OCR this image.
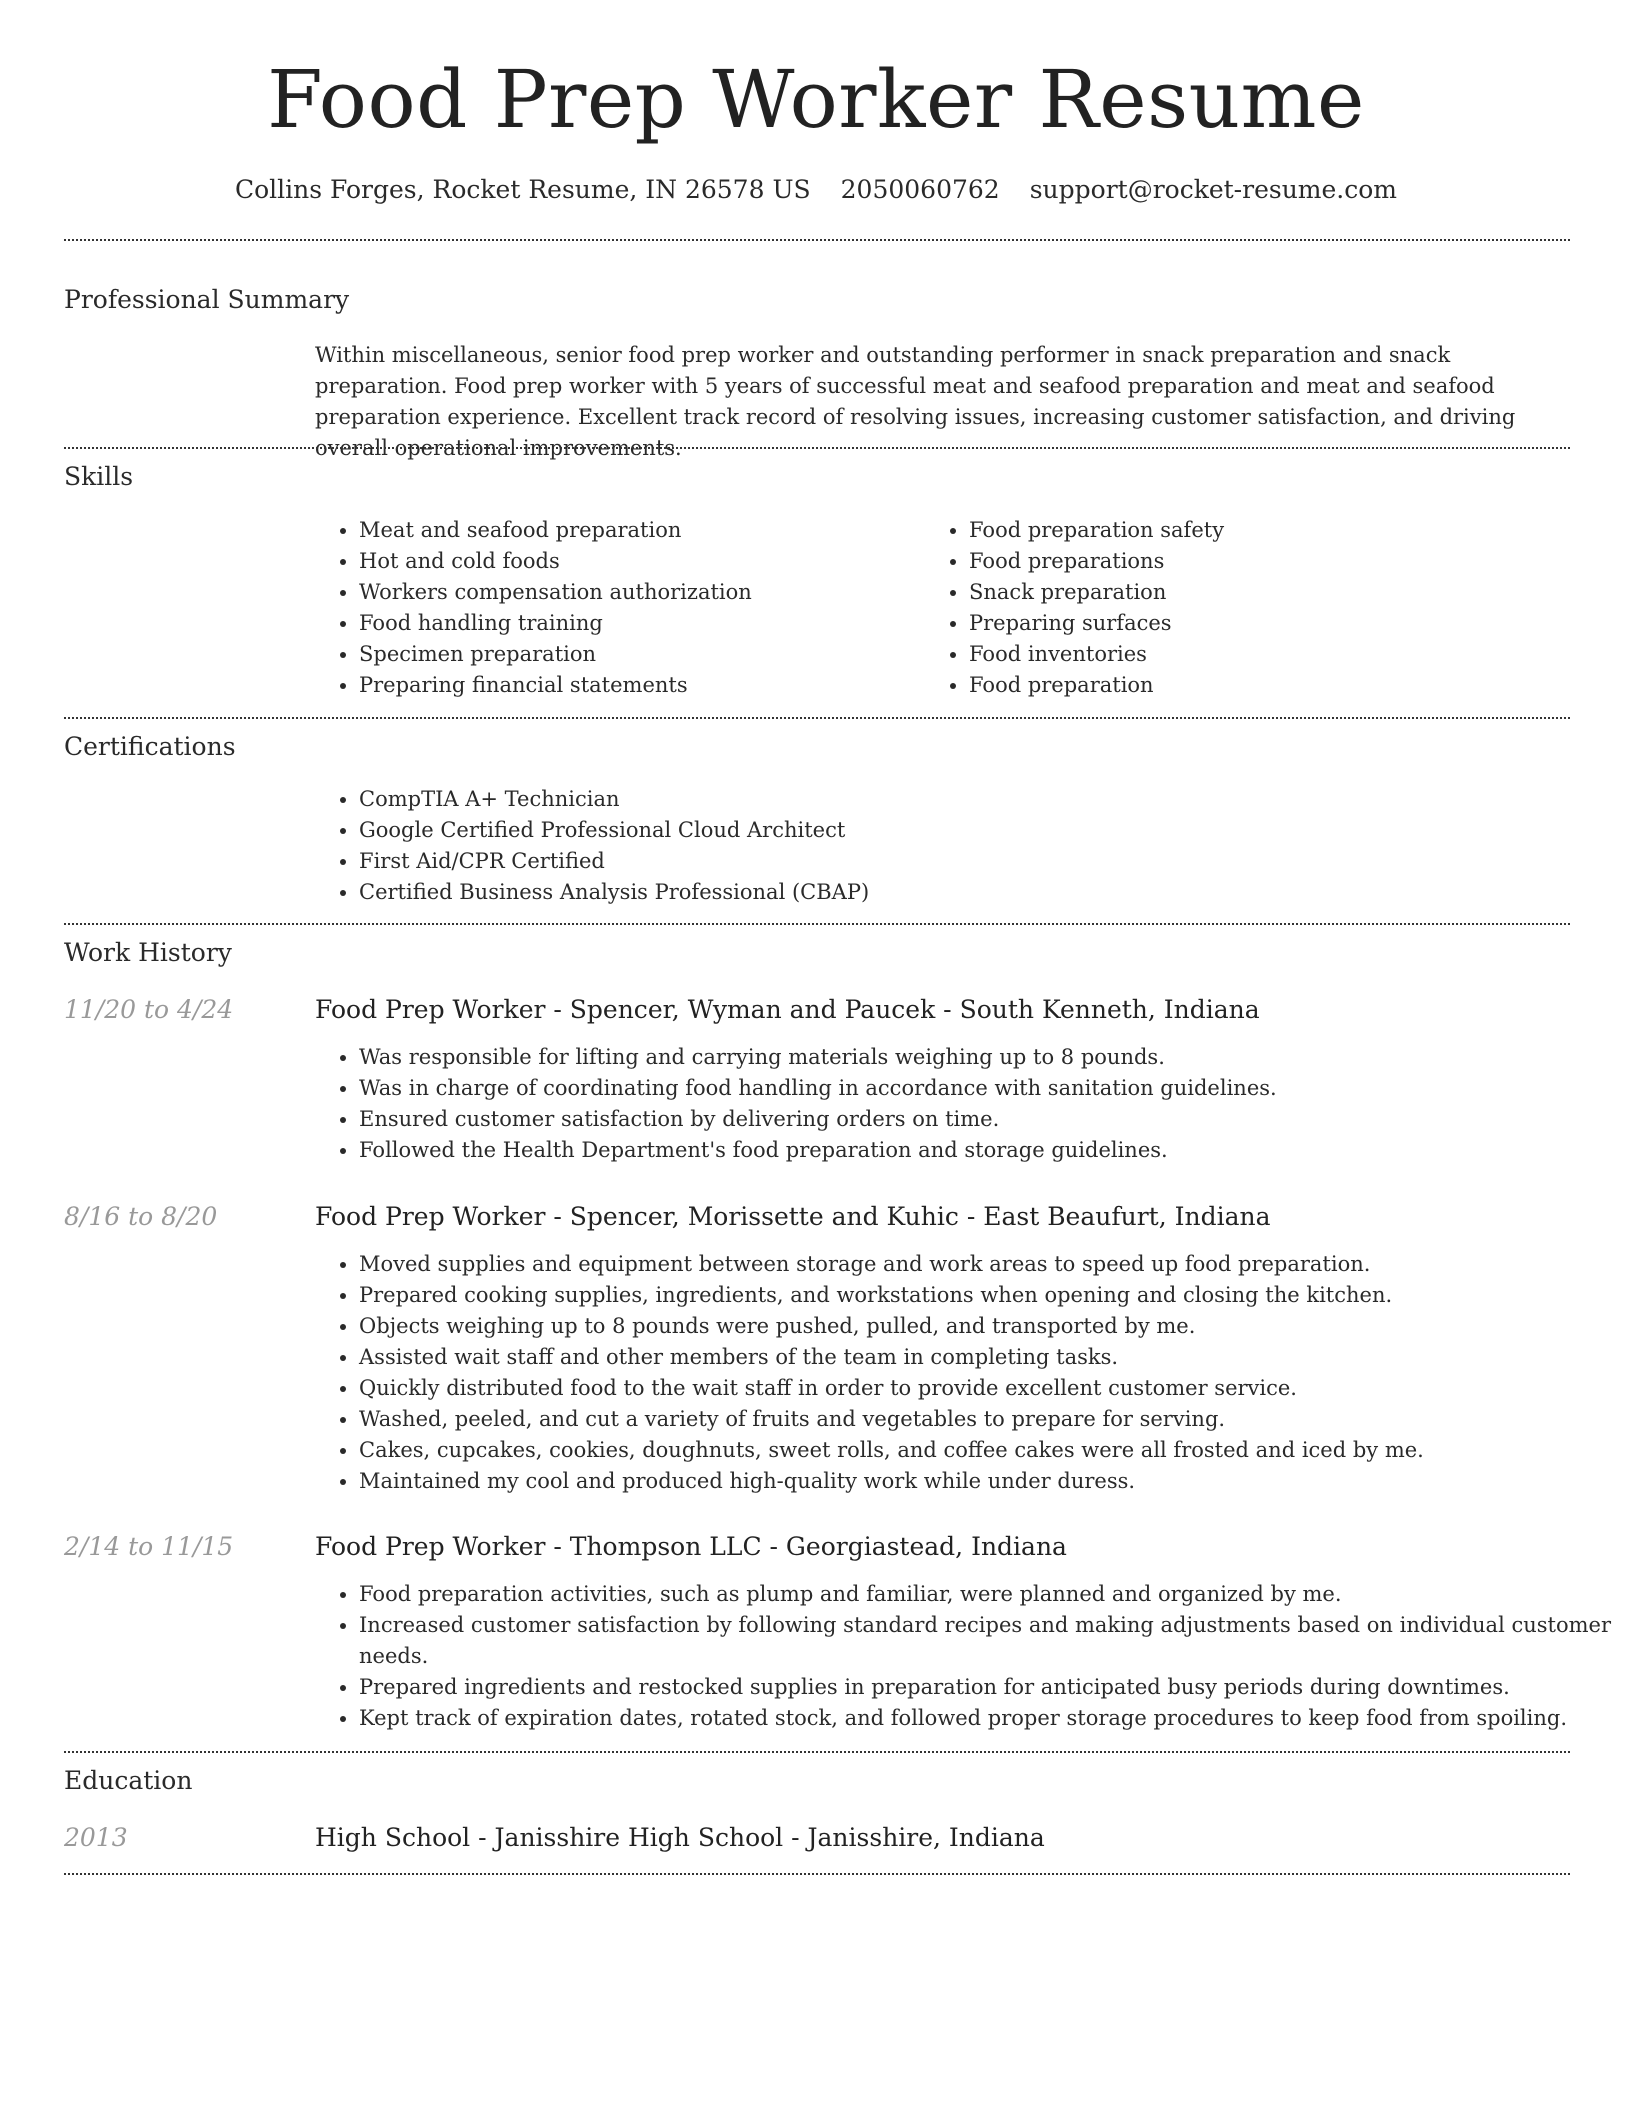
Food Prep Worker Resume
Collins Forges, Rocket Resume, IN 26578 US 2050060762 support@rocket-resume.com
Professional Summary

Within miscellaneous, senior food prep worker and outstanding performer in snack preparation and snack preparation. Food prep worker with 5 years of successful meat and seafood preparation and meat and seafood preparation experience. Excellent track record of resolving issues, increasing customer satisfaction, and driving overall operational improvements.

Skills
• Meat and seafood preparation
• Hot and cold foods
• Workers compensation authorization
• Food handling training
• Specimen preparation
• Preparing financial statements
• Food preparation safety
• Food preparations
• Snack preparation
• Preparing surfaces
• Food inventories
• Food preparation
Certifications
• CompTIA A+ Technician
• Google Certified Professional Cloud Architect
• First Aid/CPR Certified
• Certified Business Analysis Professional (CBAP)
Work History
11/20 to 4/24	Food Prep Worker - Spencer, Wyman and Paucek - South Kenneth, Indiana
• Was responsible for lifting and carrying materials weighing up to 8 pounds.
• Was in charge of coordinating food handling in accordance with sanitation guidelines.
• Ensured customer satisfaction by delivering orders on time.
• Followed the Health Department's food preparation and storage guidelines.
8/16 to 8/20	Food Prep Worker - Spencer, Morissette and Kuhic - East Beaufurt, Indiana
• Moved supplies and equipment between storage and work areas to speed up food preparation.
• Prepared cooking supplies, ingredients, and workstations when opening and closing the kitchen.
• Objects weighing up to 8 pounds were pushed, pulled, and transported by me.
• Assisted wait staff and other members of the team in completing tasks.
• Quickly distributed food to the wait staff in order to provide excellent customer service.
• Washed, peeled, and cut a variety of fruits and vegetables to prepare for serving.
• Cakes, cupcakes, cookies, doughnuts, sweet rolls, and coffee cakes were all frosted and iced by me.
• Maintained my cool and produced high-quality work while under duress.
2/14 to 11/15	Food Prep Worker - Thompson LLC - Georgiastead, Indiana
• Food preparation activities, such as plump and familiar, were planned and organized by me.
• Increased customer satisfaction by following standard recipes and making adjustments based on individual customer needs.
• Prepared ingredients and restocked supplies in preparation for anticipated busy periods during downtimes.
• Kept track of expiration dates, rotated stock, and followed proper storage procedures to keep food from spoiling.
Education
2013	High School - Janisshire High School - Janisshire, Indiana
